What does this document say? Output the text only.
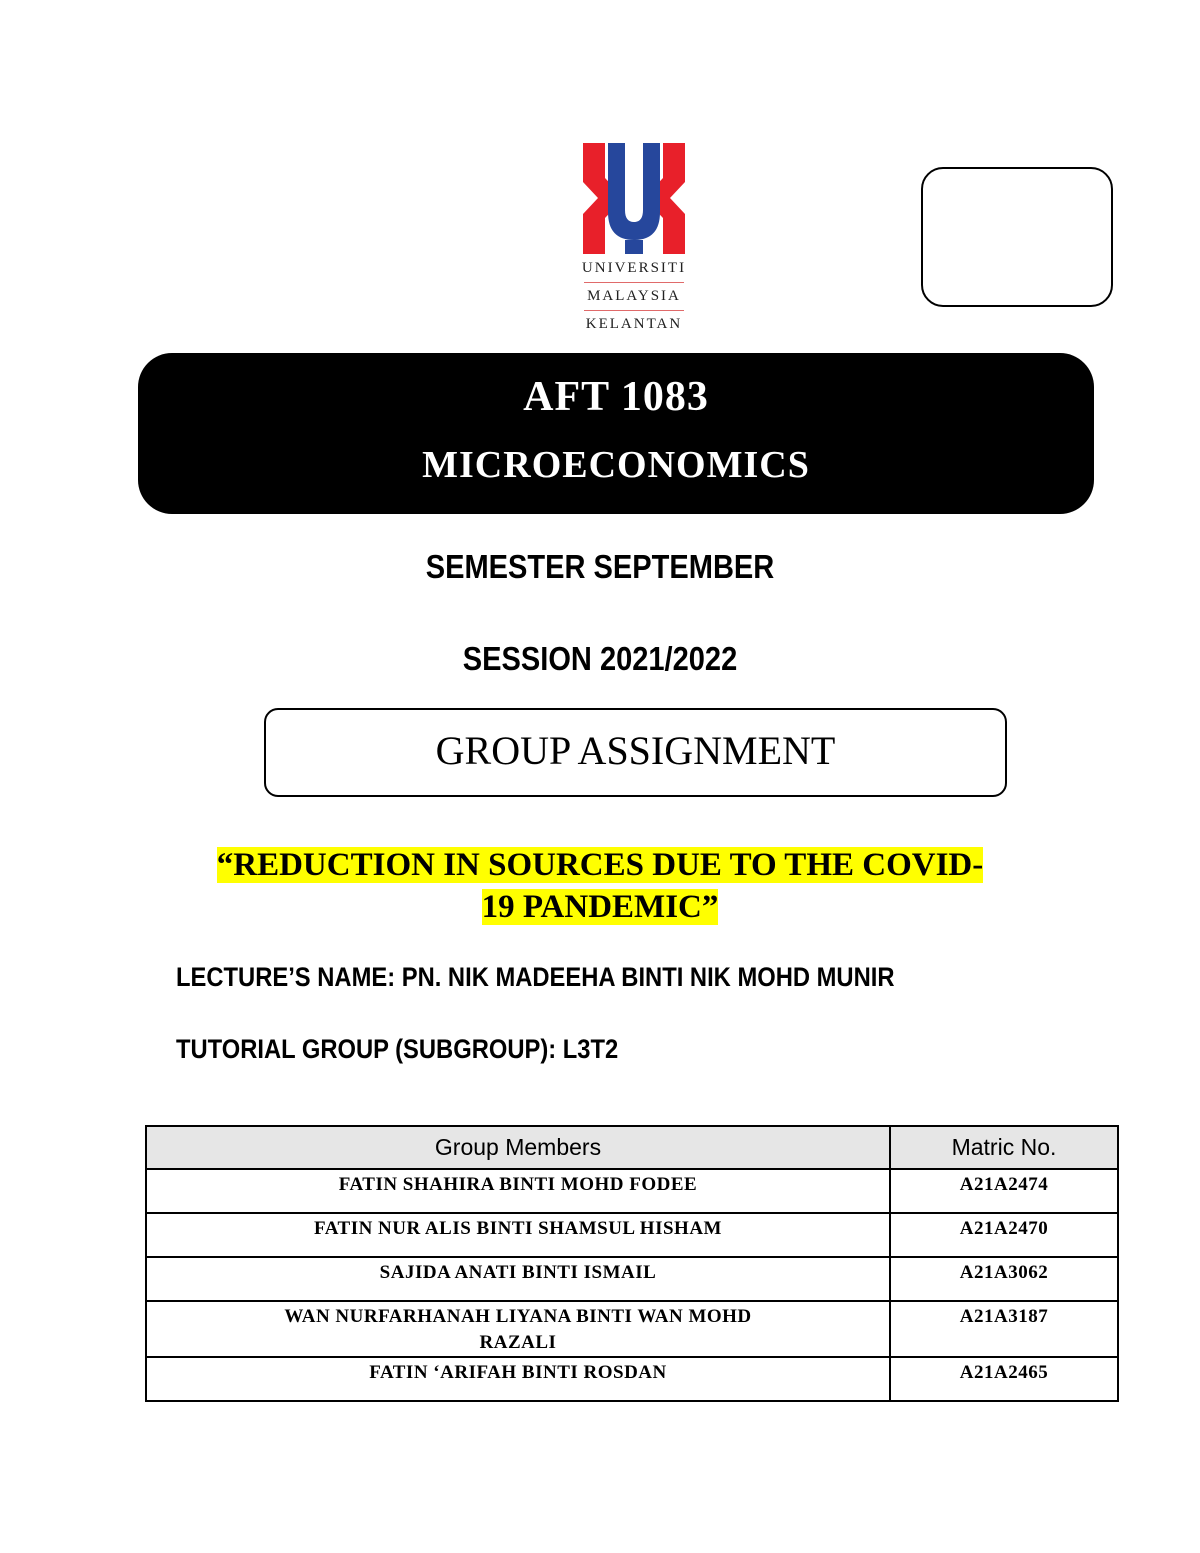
UNIVERSITI
MALAYSIA
KELANTAN
AFT 1083
MICROECONOMICS
SEMESTER SEPTEMBER
SESSION 2021/2022
GROUP ASSIGNMENT
“REDUCTION IN SOURCES DUE TO THE COVID-
19 PANDEMIC”
LECTURE’S NAME: PN. NIK MADEEHA BINTI NIK MOHD MUNIR
TUTORIAL GROUP (SUBGROUP): L3T2
Group Members	Matric No.
FATIN SHAHIRA BINTI MOHD FODEE	A21A2474
FATIN NUR ALIS BINTI SHAMSUL HISHAM	A21A2470
SAJIDA ANATI BINTI ISMAIL	A21A3062
WAN NURFARHANAH LIYANA BINTI WAN MOHD RAZALI	A21A3187
FATIN ‘ARIFAH BINTI ROSDAN	A21A2465
